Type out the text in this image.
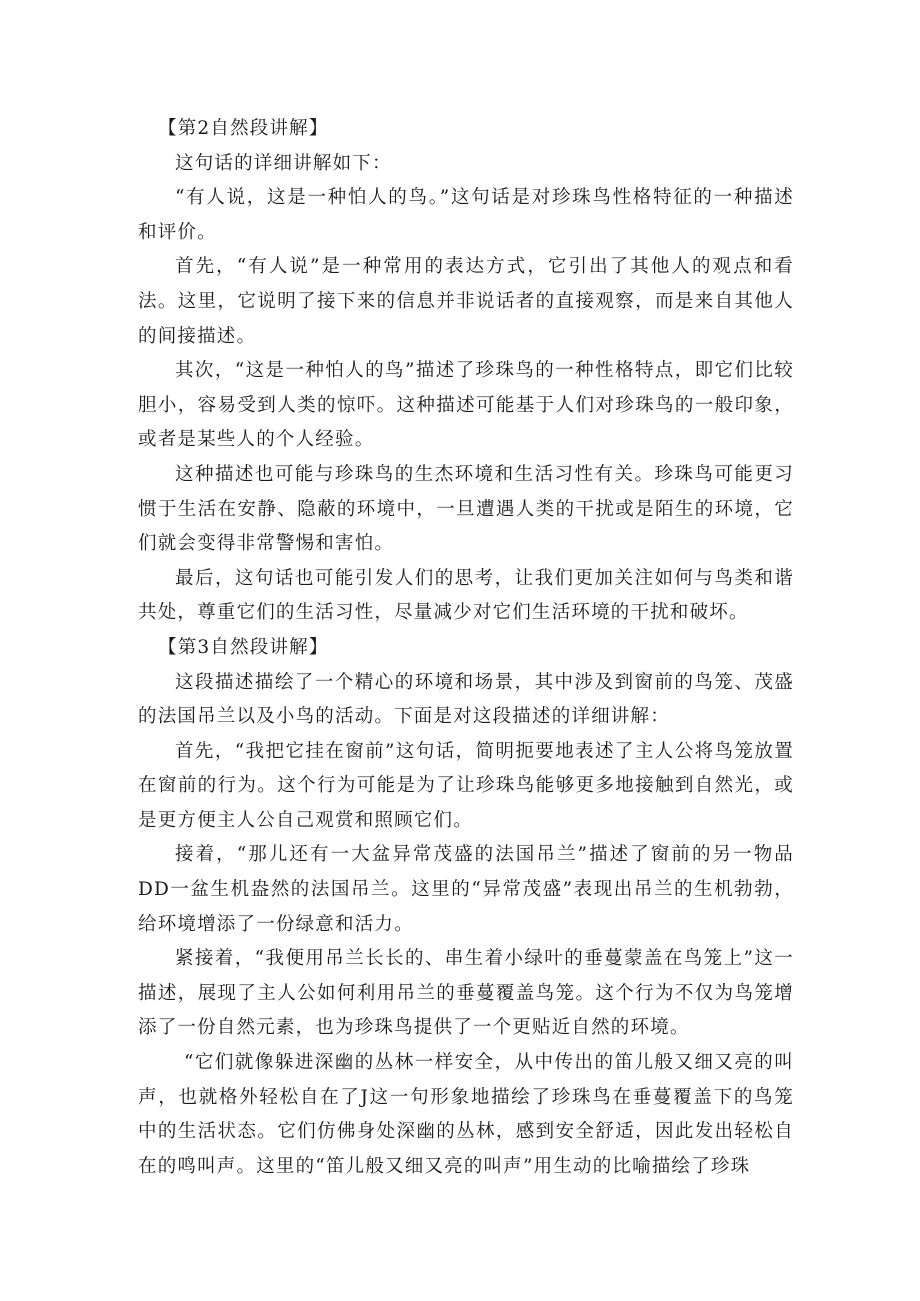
【第2自然段讲解】
这句话的详细讲解如下：
“有人说，这是一种怕人的鸟。”这句话是对珍珠鸟性格特征的一种描述和评价。
首先，“有人说”是一种常用的表达方式，它引出了其他人的观点和看法。这里，它说明了接下来的信息并非说话者的直接观察，而是来自其他人的间接描述。
其次，“这是一种怕人的鸟”描述了珍珠鸟的一种性格特点，即它们比较胆小，容易受到人类的惊吓。这种描述可能基于人们对珍珠鸟的一般印象，或者是某些人的个人经验。
这种描述也可能与珍珠鸟的生杰环境和生活习性有关。珍珠鸟可能更习惯于生活在安静、隐蔽的环境中，一旦遭遇人类的干扰或是陌生的环境，它们就会变得非常警惕和害怕。
最后，这句话也可能引发人们的思考，让我们更加关注如何与鸟类和谐共处，尊重它们的生活习性，尽量减少对它们生活环境的干扰和破坏。
【第3自然段讲解】
这段描述描绘了一个精心的环境和场景，其中涉及到窗前的鸟笼、茂盛的法国吊兰以及小鸟的活动。下面是对这段描述的详细讲解：
首先，“我把它挂在窗前”这句话，简明扼要地表述了主人公将鸟笼放置在窗前的行为。这个行为可能是为了让珍珠鸟能够更多地接触到自然光，或是更方便主人公自己观赏和照顾它们。
接着，“那儿还有一大盆异常茂盛的法国吊兰”描述了窗前的另一物品DD一盆生机盎然的法国吊兰。这里的“异常茂盛”表现出吊兰的生机勃勃，给环境增添了一份绿意和活力。
紧接着，“我便用吊兰长长的、串生着小绿叶的垂蔓蒙盖在鸟笼上”这一描述，展现了主人公如何利用吊兰的垂蔓覆盖鸟笼。这个行为不仅为鸟笼增添了一份自然元素，也为珍珠鸟提供了一个更贴近自然的环境。
“它们就像躲进深幽的丛林一样安全，从中传出的笛儿般又细又亮的叫声，也就格外轻松自在了J这一句形象地描绘了珍珠鸟在垂蔓覆盖下的鸟笼中的生活状态。它们仿佛身处深幽的丛林，感到安全舒适，因此发出轻松自在的鸣叫声。这里的“笛儿般又细又亮的叫声”用生动的比喻描绘了珍珠
